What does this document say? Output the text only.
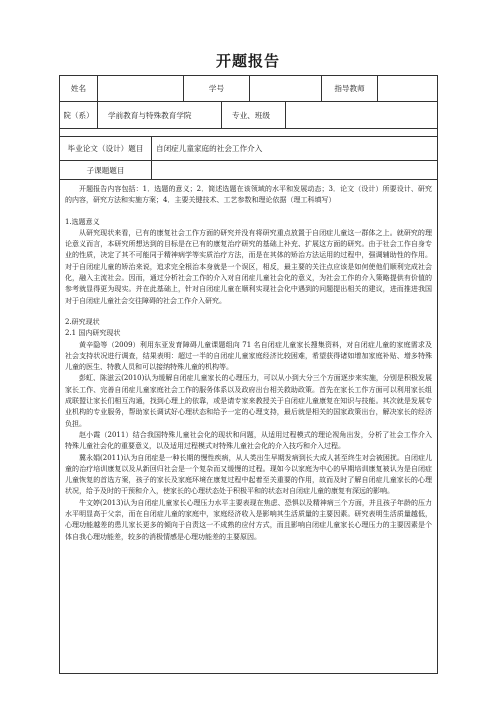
开题报告
姓名	学号	指导教师
院（系）	学前教育与特殊教育学院	专业、班级
毕业论文（设计）题目	自闭症儿童家庭的社会工作介入
子课题题目

开题报告内容包括：1．选题的意义；2．简述选题在该领域的水平和发展动态；3．论文（设计）所要设计、研究的内容，研究方法和实施方案；4．主要关键技术、工艺参数和理论依据（理工科填写）

1.选题意义

从研究现状来看，已有的康复社会工作方面的研究并没有将研究重点放置于自闭症儿童这一群体之上。就研究的理论意义而言，本研究所想达到的目标是在已有的康复治疗研究的基础上补充、扩展这方面的研究。由于社会工作自身专业的性质，决定了其不可能同于精神病学等实质治疗方法，而是在其体的矫治方法运用的过程中，强调辅助性的作用。对于自闭症儿童的矫治来说，追求完全根治本身就是一个误区，相反，最主要的关注点应该是如何使他们顺利完成社会化，融入主流社会。因而，通过分析社会工作的介入对自闭症儿童社会化的意义，为社会工作的介入策略提供有价值的参考就显得更为现实。并在此基础上，针对自闭症儿童在顺利实现社会化中遇到的问题提出相关的建议，进而推进我国对于自闭症儿童社会交往障碍的社会工作介入研究。

2.研究现状

2.1 国内研究现状

黄辛隐等（2009）利用东亚发育障碍儿童课题组向 71 名自闭症儿童家长搜集资料，对自闭症儿童的家庭需求及社会支持状况进行调查，结果表明：超过一半的自闭症儿童家庭经济比较困难，希望获得诸如增加家庭补贴、增多特殊儿童的医生、特教人员和可以接纳特殊儿童的机构等。

彭虹、陈滋云(2010)认为缓解自闭症儿童家长的心理压力，可以从小到大分三个方面逐步来实施，分别是积极发展家长工作、完善自闭症儿童家庭社会工作的服务体系以及政府出台相关救助政策。首先在家长工作方面可以利用家长组成联盟让家长们相互沟通，找到心理上的依靠，或是请专家来教授关于自闭症儿童康复在知识与技能。其次就是发展专业机构的专业服务，帮助家长调试好心理状态和给予一定的心理支持，最后就是相关的国家政策出台，解决家长的经济负担。

赵小霞（2011）结合我国特殊儿童社会化的现状和问题，从适用过程模式的理论视角出发，分析了社会工作介入特殊儿童社会化的重要意义，以及适用过程模式对特殊儿童社会化的介入技巧和介入过程。

冀永娟(2011)认为自闭症是一种长期的慢性疾病，从人类出生早期发病到长大成人甚至终生对会被困扰。自闭症儿童的治疗培训康复以及从新回归社会是一个复杂而又缓慢的过程。现如今以家庭为中心的早期培训康复被认为是自闭症儿童恢复的首选方案，孩子的家长及家庭环境在康复过程中起着至关重要的作用，故而及时了解自闭症儿童家长的心理状况，给予及时的干预和介入，使家长的心理状态处于积极平和的状态对自闭症儿童的康复有深远的影响。

牛文婷(2013)认为自闭症儿童家长心理压力水平主要表现在焦虑、恐惧以及精神病三个方面，并且孩子年龄的压力水平明显高于父亲，而在自闭症儿童的家庭中，家庭经济收入是影响其生活质量的主要因素。研究表明生活质量越低，心理功能越差的患儿家长更多的倾向于自责这一不成熟的应付方式，而且影响自闭症儿童家长心理压力的主要因素是个体自我心理功能差，较多的消极情感是心理功能差的主要原因。
